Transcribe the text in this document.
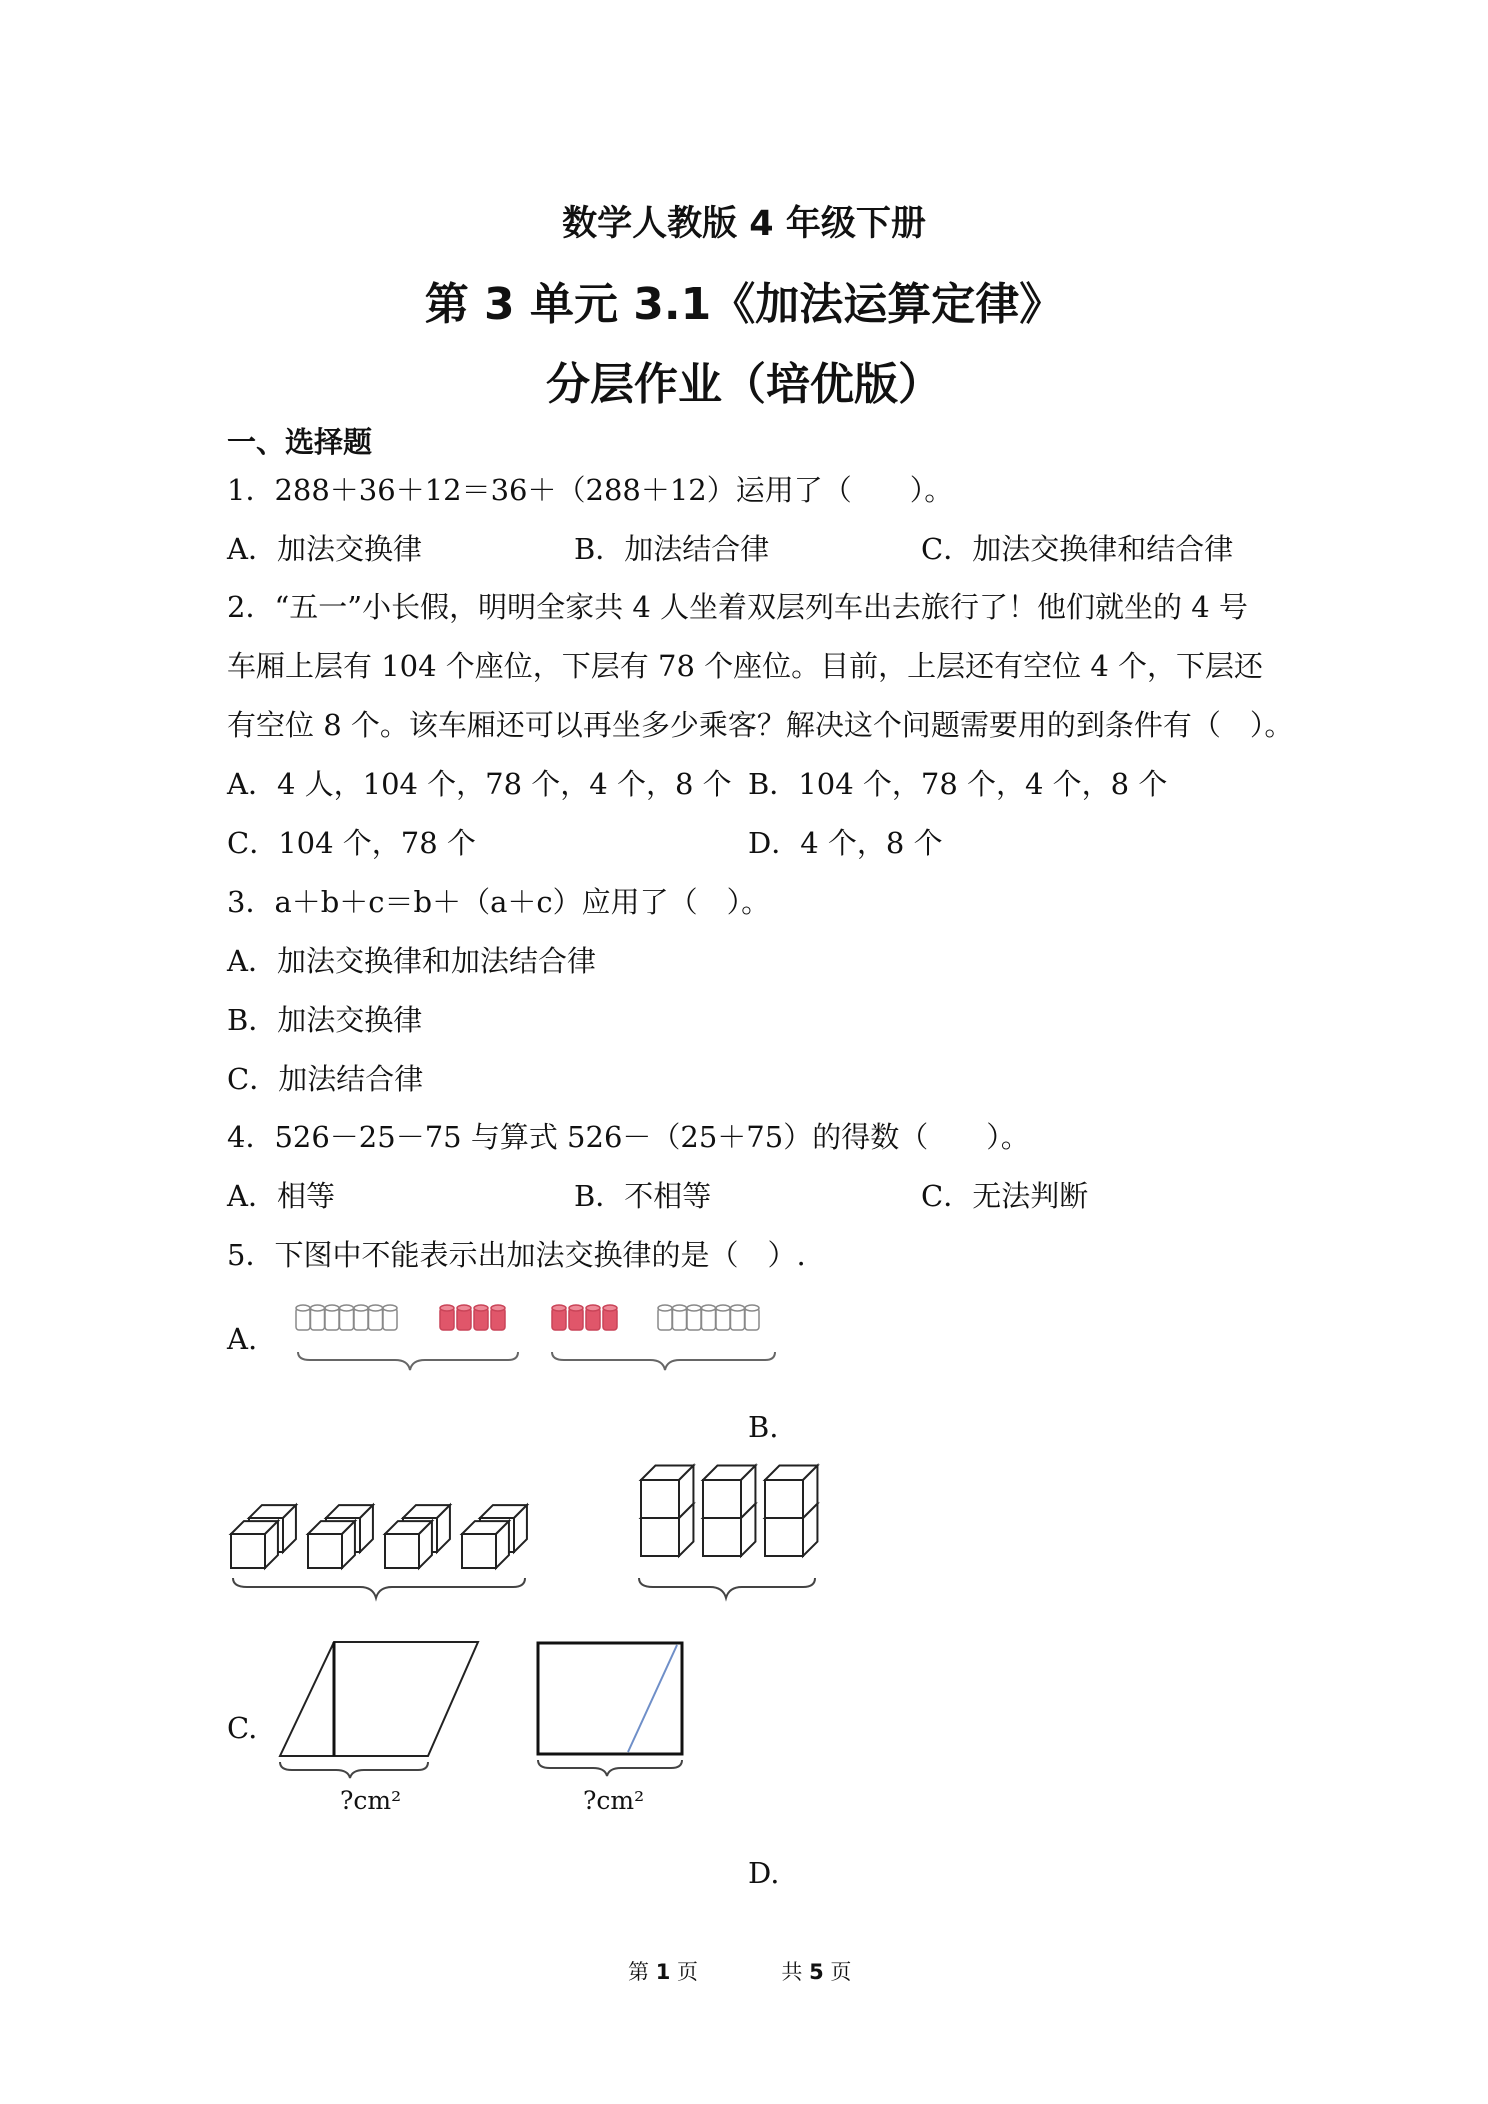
数学人教版 4 年级下册
第 3 单元 3.1《加法运算定律》
分层作业（培优版）
一、选择题
1．288＋36＋12＝36＋（288＋12）运用了（　　）。
A．加法交换律	B．加法结合律	C．加法交换律和结合律
2．“五一”小长假，明明全家共 4 人坐着双层列车出去旅行了！他们就坐的 4 号
车厢上层有 104 个座位，下层有 78 个座位。目前，上层还有空位 4 个，下层还
有空位 8 个。该车厢还可以再坐多少乘客？解决这个问题需要用的到条件有（　）。
A．4 人，104 个，78 个，4 个，8 个 B．104 个，78 个，4 个，8 个
C．104 个，78 个	D．4 个，8 个
3．a＋b＋c＝b＋（a＋c）应用了（　）。
A．加法交换律和加法结合律
B．加法交换律
C．加法结合律
4．526－25－75 与算式 526－（25＋75）的得数（　　）。
A．相等	B．不相等	C．无法判断
5．下图中不能表示出加法交换律的是（　）.
A.
B.
C.
?cm²	?cm²
D.
第 1 页	共 5 页
